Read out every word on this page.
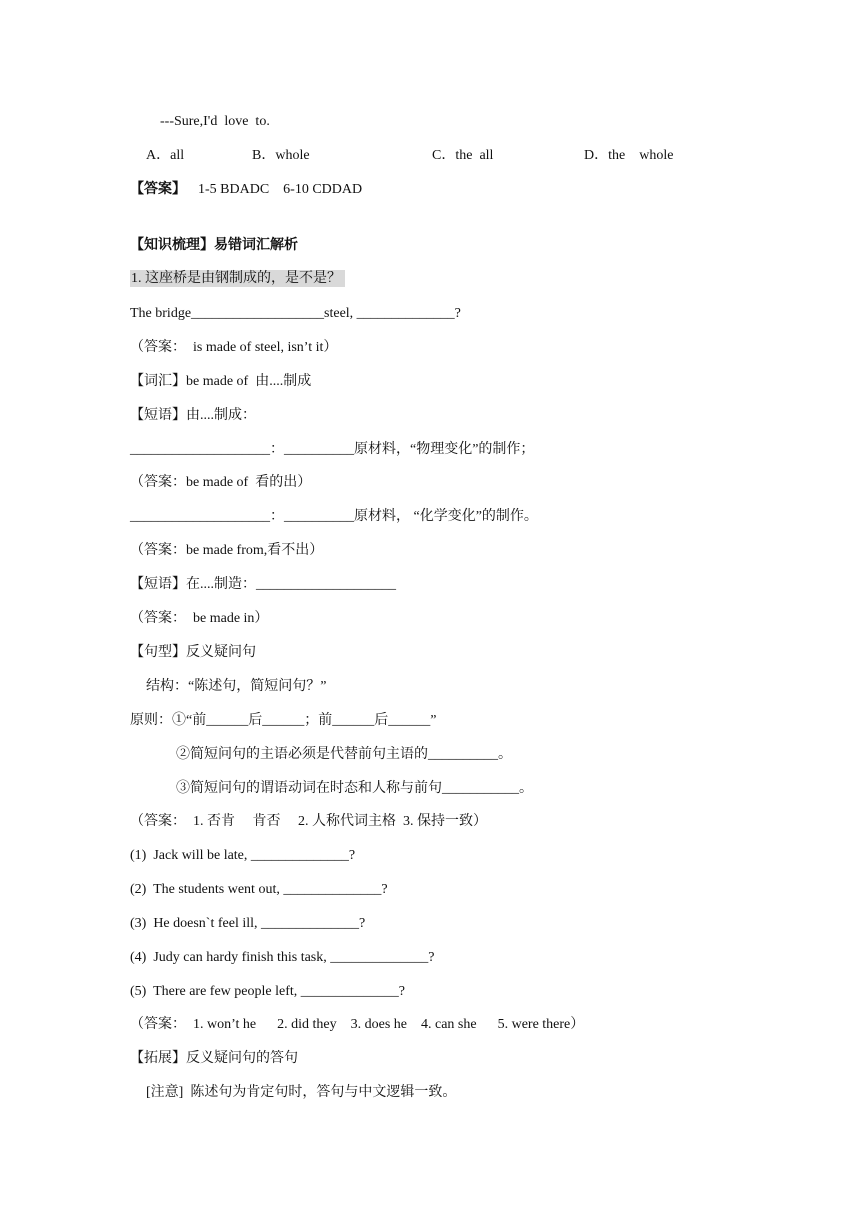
---Sure,I'd  love  to.
A．all	B．whole	C．the  all	D．the    whole
【答案】 1-5 BDADC    6-10 CDDAD
【知识梳理】易错词汇解析
1. 这座桥是由钢制成的，是不是？
The bridge___________________steel, ______________?
（答案：  is made of steel, isn’t it）
【词汇】be made of  由....制成
【短语】由....制成：
____________________：__________原材料，“物理变化”的制作；
（答案：be made of  看的出）
____________________：__________原材料， “化学变化”的制作。
（答案：be made from,看不出）
【短语】在....制造：____________________
（答案：  be made in）
【句型】反义疑问句
结构：“陈述句，简短问句？”
原则：①“前______后______；前______后______”
②简短问句的主语必须是代替前句主语的__________。
③简短问句的谓语动词在时态和人称与前句___________。
（答案：  1. 否肯     肯否     2. 人称代词主格  3. 保持一致）
(1)  Jack will be late, ______________?
(2)  The students went out, ______________?
(3)  He doesn`t feel ill, ______________?
(4)  Judy can hardy finish this task, ______________?
(5)  There are few people left, ______________?
（答案：  1. won’t he      2. did they    3. does he    4. can she      5. were there）
【拓展】反义疑问句的答句
[注意]  陈述句为肯定句时，答句与中文逻辑一致。
